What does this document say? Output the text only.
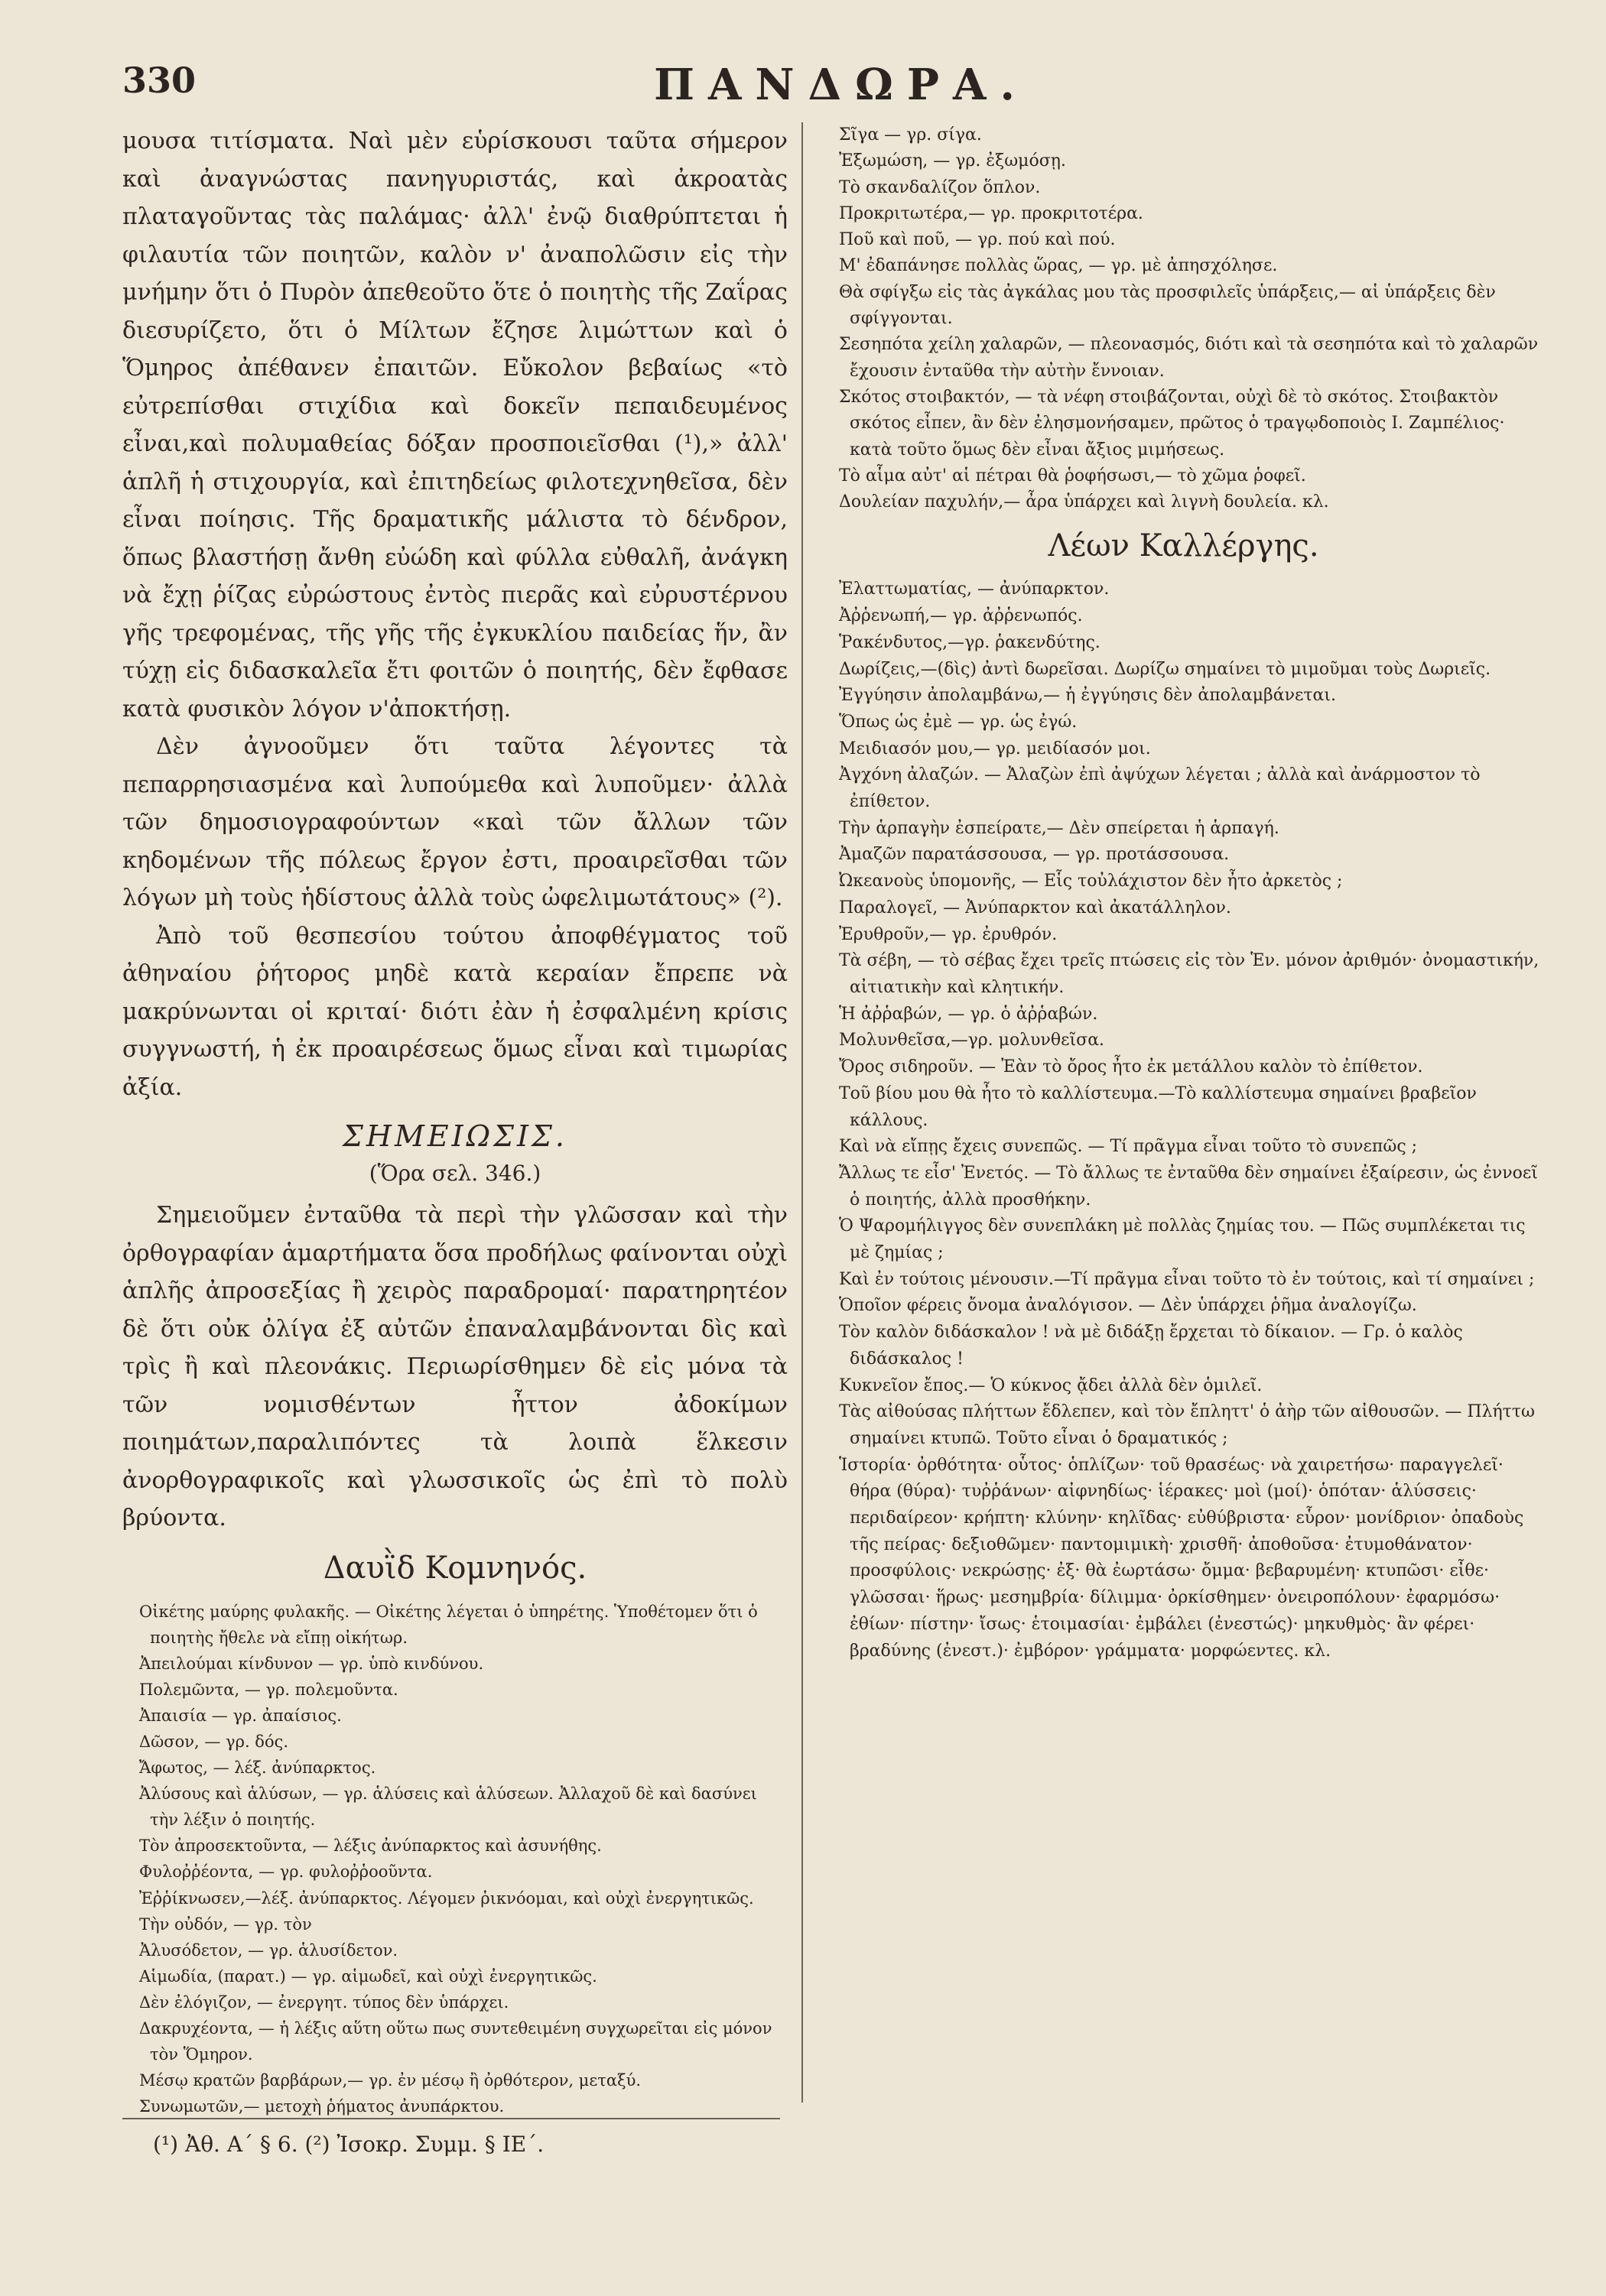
330	ΠΑΝΔΩΡΑ.

μουσα τιτίσματα. Ναὶ μὲν εὑρίσκουσι ταῦτα σήμερον καὶ ἀναγνώστας πανηγυριστάς, καὶ ἀκροατὰς πλαταγοῦντας τὰς παλάμας· ἀλλ' ἐνῷ διαθρύπτεται ἡ φιλαυτία τῶν ποιητῶν, καλὸν ν' ἀναπολῶσιν εἰς τὴν μνήμην ὅτι ὁ Πυρὸν ἀπεθεοῦτο ὅτε ὁ ποιητὴς τῆς Ζαΐρας διεσυρίζετο, ὅτι ὁ Μίλτων ἔζησε λιμώττων καὶ ὁ Ὅμηρος ἀπέθανεν ἐπαιτῶν. Εὔκολον βεβαίως «τὸ εὐτρεπίσθαι στιχίδια καὶ δοκεῖν πεπαιδευμένος εἶναι,καὶ πολυμαθείας δόξαν προσποιεῖσθαι (¹),» ἀλλ' ἁπλῆ ἡ στιχουργία, καὶ ἐπιτηδείως φιλοτεχνηθεῖσα, δὲν εἶναι ποίησις. Τῆς δραματικῆς μάλιστα τὸ δένδρον, ὅπως βλαστήσῃ ἄνθη εὐώδη καὶ φύλλα εὐθαλῆ, ἀνάγκη νὰ ἔχῃ ῥίζας εὐρώστους ἐντὸς πιερᾶς καὶ εὐρυστέρνου γῆς τρεφομένας, τῆς γῆς τῆς ἐγκυκλίου παιδείας ἥν, ἂν τύχῃ εἰς διδασκαλεῖα ἔτι φοιτῶν ὁ ποιητής, δὲν ἔφθασε κατὰ φυσικὸν λόγον ν'ἀποκτήσῃ.

Δὲν ἀγνοοῦμεν ὅτι ταῦτα λέγοντες τὰ πεπαρρησιασμένα καὶ λυπούμεθα καὶ λυποῦμεν· ἀλλὰ τῶν δημοσιογραφούντων «καὶ τῶν ἄλλων τῶν κηδομένων τῆς πόλεως ἔργον ἐστι, προαιρεῖσθαι τῶν λόγων μὴ τοὺς ἡδίστους ἀλλὰ τοὺς ὠφελιμωτάτους» (²).

Ἀπὸ τοῦ θεσπεσίου τούτου ἀποφθέγματος τοῦ ἀθηναίου ῥήτορος μηδὲ κατὰ κεραίαν ἔπρεπε νὰ μακρύνωνται οἱ κριταί· διότι ἐὰν ἡ ἐσφαλμένη κρίσις συγγνωστή, ἡ ἐκ προαιρέσεως ὅμως εἶναι καὶ τιμωρίας ἀξία.

ΣΗΜΕΙΩΣΙΣ.
(Ὅρα σελ. 346.)

Σημειοῦμεν ἐνταῦθα τὰ περὶ τὴν γλῶσσαν καὶ τὴν ὀρθογραφίαν ἁμαρτήματα ὅσα προδήλως φαίνονται οὐχὶ ἁπλῆς ἀπροσεξίας ἢ χειρὸς παραδρομαί· παρατηρητέον δὲ ὅτι οὐκ ὀλίγα ἐξ αὐτῶν ἐπαναλαμβάνονται δὶς καὶ τρὶς ἢ καὶ πλεονάκις. Περιωρίσθημεν δὲ εἰς μόνα τὰ τῶν νομισθέντων ἧττον ἀδοκίμων ποιημάτων,παραλιπόντες τὰ λοιπὰ ἕλκεσιν ἀνορθογραφικοῖς καὶ γλωσσικοῖς ὡς ἐπὶ τὸ πολὺ βρύοντα.

Δαυῒδ Κομνηνός.
Οἰκέτης μαύρης φυλακῆς. — Οἰκέτης λέγεται ὁ ὑπηρέτης. Ὑποθέτομεν ὅτι ὁ ποιητὴς ἤθελε νὰ εἴπῃ οἰκήτωρ.
Ἀπειλούμαι κίνδυνον — γρ. ὑπὸ κινδύνου.
Πολεμῶντα, — γρ. πολεμοῦντα.
Ἀπαισία — γρ. ἀπαίσιος.
Δῶσον, — γρ. δός.
Ἄφωτος, — λέξ. ἀνύπαρκτος.
Ἀλύσους καὶ ἁλύσων, — γρ. ἁλύσεις καὶ ἁλύσεων. Ἀλλαχοῦ δὲ καὶ δασύνει τὴν λέξιν ὁ ποιητής.
Τὸν ἀπροσεκτοῦντα, — λέξις ἀνύπαρκτος καὶ ἀσυνήθης.
Φυλοῤῥέοντα, — γρ. φυλοῤῥοοῦντα.
Ἐῤῥίκνωσεν,—λέξ. ἀνύπαρκτος. Λέγομεν ῥικνόομαι, καὶ οὐχὶ ἐνεργητικῶς.
Τὴν οὐδόν, — γρ. τὸν
Ἀλυσόδετον, — γρ. ἁλυσίδετον.
Αἱμωδία, (παρατ.) — γρ. αἱμωδεῖ, καὶ οὐχὶ ἐνεργητικῶς.
Δὲν ἐλόγιζον, — ἐνεργητ. τύπος δὲν ὑπάρχει.
Δακρυχέοντα, — ἡ λέξις αὕτη οὕτω πως συντεθειμένη συγχωρεῖται εἰς μόνον τὸν Ὅμηρον.
Μέσῳ κρατῶν βαρβάρων,— γρ. ἐν μέσῳ ἢ ὀρθότερον, μεταξύ.
Συνωμωτῶν,— μετοχὴ ῥήματος ἀνυπάρκτου.
Σῖγα — γρ. σίγα.
Ἐξωμώση, — γρ. ἐξωμόσῃ.
Τὸ σκανδαλίζον ὅπλον.
Προκριτωτέρα,— γρ. προκριτοτέρα.
Ποῦ καὶ ποῦ, — γρ. πού καὶ πού.
Μ' ἐδαπάνησε πολλὰς ὥρας, — γρ. μὲ ἀπησχόλησε.
Θὰ σφίγξω εἰς τὰς ἀγκάλας μου τὰς προσφιλεῖς ὑπάρξεις,— αἱ ὑπάρξεις δὲν σφίγγονται.
Σεσηπότα χείλη χαλαρῶν, — πλεονασμός, διότι καὶ τὰ σεσηπότα καὶ τὸ χαλαρῶν ἔχουσιν ἐνταῦθα τὴν αὐτὴν ἔννοιαν.
Σκότος στοιβακτόν, — τὰ νέφη στοιβάζονται, οὐχὶ δὲ τὸ σκότος. Στοιβακτὸν σκότος εἶπεν, ἂν δὲν ἐλησμονήσαμεν, πρῶτος ὁ τραγῳδοποιὸς Ι. Ζαμπέλιος· κατὰ τοῦτο ὅμως δὲν εἶναι ἄξιος μιμήσεως.
Τὸ αἷμα αὐτ' αἱ πέτραι θὰ ῥοφήσωσι,— τὸ χῶμα ῥοφεῖ.
Δουλείαν παχυλήν,— ἆρα ὑπάρχει καὶ λιγνὴ δουλεία. κλ.
Λέων Καλλέργης.
Ἐλαττωματίας, — ἀνύπαρκτον.
Ἀῤῥενωπή,— γρ. ἀῤῥενωπός.
Ῥακένδυτος,—γρ. ῥακενδύτης.
Δωρίζεις,—(δὶς) ἀντὶ δωρεῖσαι. Δωρίζω σημαίνει τὸ μιμοῦμαι τοὺς Δωριεῖς.
Ἐγγύησιν ἀπολαμβάνω,— ἡ ἐγγύησις δὲν ἀπολαμβάνεται.
Ὅπως ὡς ἐμὲ — γρ. ὡς ἐγώ.
Μειδιασόν μου,— γρ. μειδίασόν μοι.
Ἀγχόνη ἀλαζών. — Ἀλαζὼν ἐπὶ ἀψύχων λέγεται ; ἀλλὰ καὶ ἀνάρμοστον τὸ ἐπίθετον.
Τὴν ἁρπαγὴν ἐσπείρατε,— Δὲν σπείρεται ἡ ἁρπαγή.
Ἀμαζῶν παρατάσσουσα, — γρ. προτάσσουσα.
Ὠκεανοὺς ὑπομονῆς, — Εἷς τοὐλάχιστον δὲν ἦτο ἀρκετὸς ;
Παραλογεῖ, — Ἀνύπαρκτον καὶ ἀκατάλληλον.
Ἐρυθροῦν,— γρ. ἐρυθρόν.
Τὰ σέβη, — τὸ σέβας ἔχει τρεῖς πτώσεις εἰς τὸν Ἑν. μόνον ἀριθμόν· ὀνομαστικήν, αἰτιατικὴν καὶ κλητικήν.
Ἡ ἀῤῥαβών, — γρ. ὁ ἀῤῥαβών.
Μολυνθεῖσα,—γρ. μολυνθεῖσα.
Ὄρος σιδηροῦν. — Ἐὰν τὸ ὄρος ἦτο ἐκ μετάλλου καλὸν τὸ ἐπίθετον.
Τοῦ βίου μου θὰ ἦτο τὸ καλλίστευμα.—Τὸ καλλίστευμα σημαίνει βραβεῖον κάλλους.
Καὶ νὰ εἴπῃς ἔχεις συνεπῶς. — Τί πρᾶγμα εἶναι τοῦτο τὸ συνεπῶς ;
Ἄλλως τε εἶσ' Ἐνετός. — Τὸ ἄλλως τε ἐνταῦθα δὲν σημαίνει ἐξαίρεσιν, ὡς ἐννοεῖ ὁ ποιητής, ἀλλὰ προσθήκην.
Ὁ Ψαρομήλιγγος δὲν συνεπλάκη μὲ πολλὰς ζημίας του. — Πῶς συμπλέκεται τις μὲ ζημίας ;
Καὶ ἐν τούτοις μένουσιν.—Τί πρᾶγμα εἶναι τοῦτο τὸ ἐν τούτοις, καὶ τί σημαίνει ;
Ὁποῖον φέρεις ὄνομα ἀναλόγισον. — Δὲν ὑπάρχει ῥῆμα ἀναλογίζω.
Τὸν καλὸν διδάσκαλον ! νὰ μὲ διδάξῃ ἔρχεται τὸ δίκαιον. — Γρ. ὁ καλὸς διδάσκαλος !
Κυκνεῖον ἔπος.— Ὁ κύκνος ᾄδει ἀλλὰ δὲν ὁμιλεῖ.
Τὰς αἰθούσας πλήττων ἔδλεπεν, καὶ τὸν ἔπληττ' ὁ ἀὴρ τῶν αἰθουσῶν. — Πλήττω σημαίνει κτυπῶ. Τοῦτο εἶναι ὁ δραματικός ;
Ἱστορία· ὀρθότητα· οὗτος· ὁπλίζων· τοῦ θρασέως· νὰ χαιρετήσω· παραγγελεῖ· θήρα (θύρα)· τυῤῥάνων· αἰφνηδίως· ἱέρακες· μοὶ (μοί)· ὁπόταν· ἁλύσσεις· περιδαίρεον· κρήπτη· κλύνην· κηλῖδας· εὐθύβριστα· εὗρον· μονίδριον· ὀπαδοὺς τῆς πείρας· δεξιοθῶμεν· παντομιμικὴ· χρισθῆ· ἀποθοῦσα· ἐτυμοθάνατον· προσφύλοις· νεκρώσῃς· ἐξ· θὰ ἐωρτάσω· ὄμμα· βεβαρυμένη· κτυπῶσι· εἶθε· γλῶσσαι· ἥρως· μεσημβρία· δίλιμμα· ὀρκίσθημεν· ὀνειροπόλουν· ἐφαρμόσω· ἐθίων· πίστην· ἴσως· ἑτοιμασίαι· ἐμβάλει (ἐνεστώς)· μηκυθμὸς· ἂν φέρει· βραδύνης (ἐνεστ.)· ἐμβόρον· γράμματα· μορφώεντες. κλ.
(¹) Ἀθ. Α΄ § 6. (²) Ἰσοκρ. Συμμ. § ΙΕ΄.
